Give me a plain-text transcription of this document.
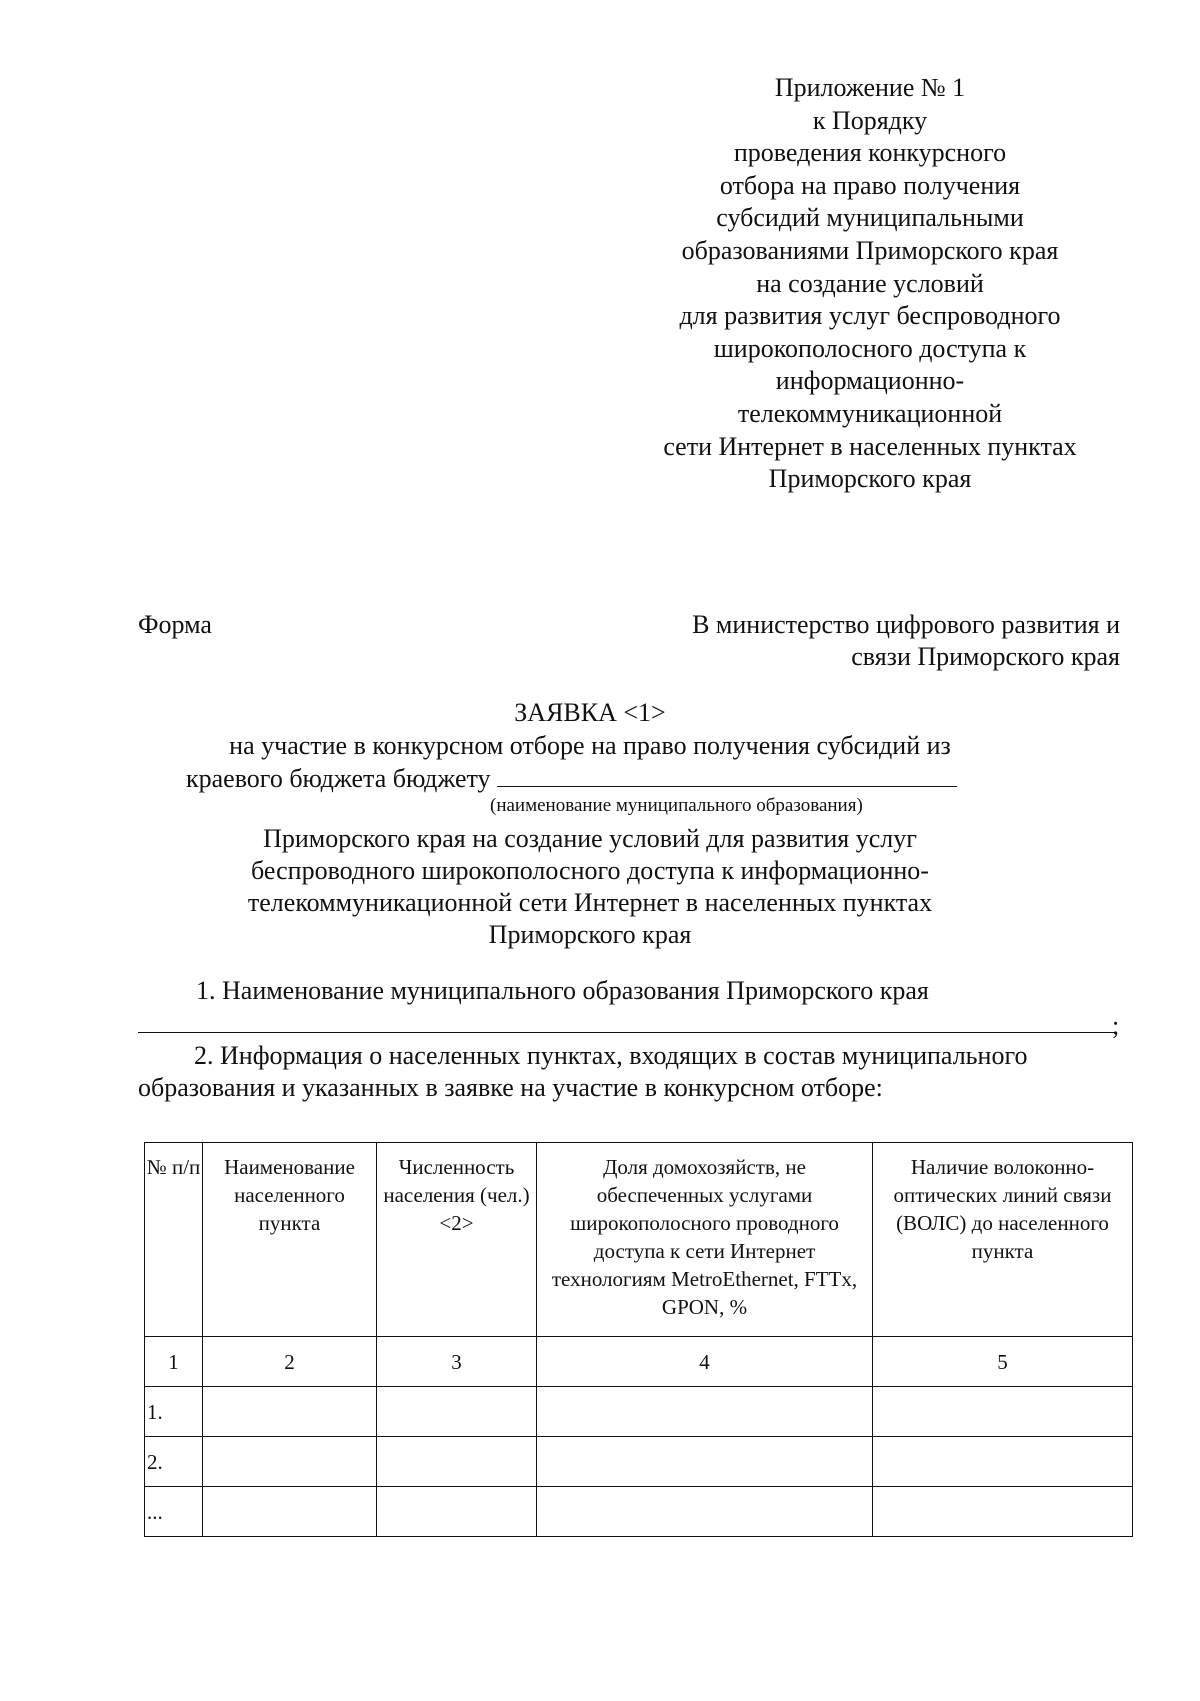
Приложение № 1
к Порядку
проведения конкурсного
отбора на право получения
субсидий муниципальными
образованиями Приморского края
на создание условий
для развития услуг беспроводного
широкополосного доступа к
информационно-
телекоммуникационной
сети Интернет в населенных пунктах
Приморского края
Форма	В министерство цифрового развития и
связи Приморского края
ЗАЯВКА <1>
на участие в конкурсном отборе на право получения субсидий из
краевого бюджета бюджету
(наименование муниципального образования)
Приморского края на создание условий для развития услуг
беспроводного широкополосного доступа к информационно-
телекоммуникационной сети Интернет в населенных пунктах
Приморского края
1. Наименование муниципального образования Приморского края
;
2. Информация о населенных пунктах, входящих в состав муниципального
образования и указанных в заявке на участие в конкурсном отборе:
№ п/п	Наименование населенного пункта	Численность населения (чел.) <2>	Доля домохозяйств, не обеспеченных услугами широкополосного проводного доступа к сети Интернет технологиям MetroEthernet, FTTx, GPON, %	Наличие волоконно-оптических линий связи (ВОЛС) до населенного пункта
1	2	3	4	5
1.				
2.				
...				
